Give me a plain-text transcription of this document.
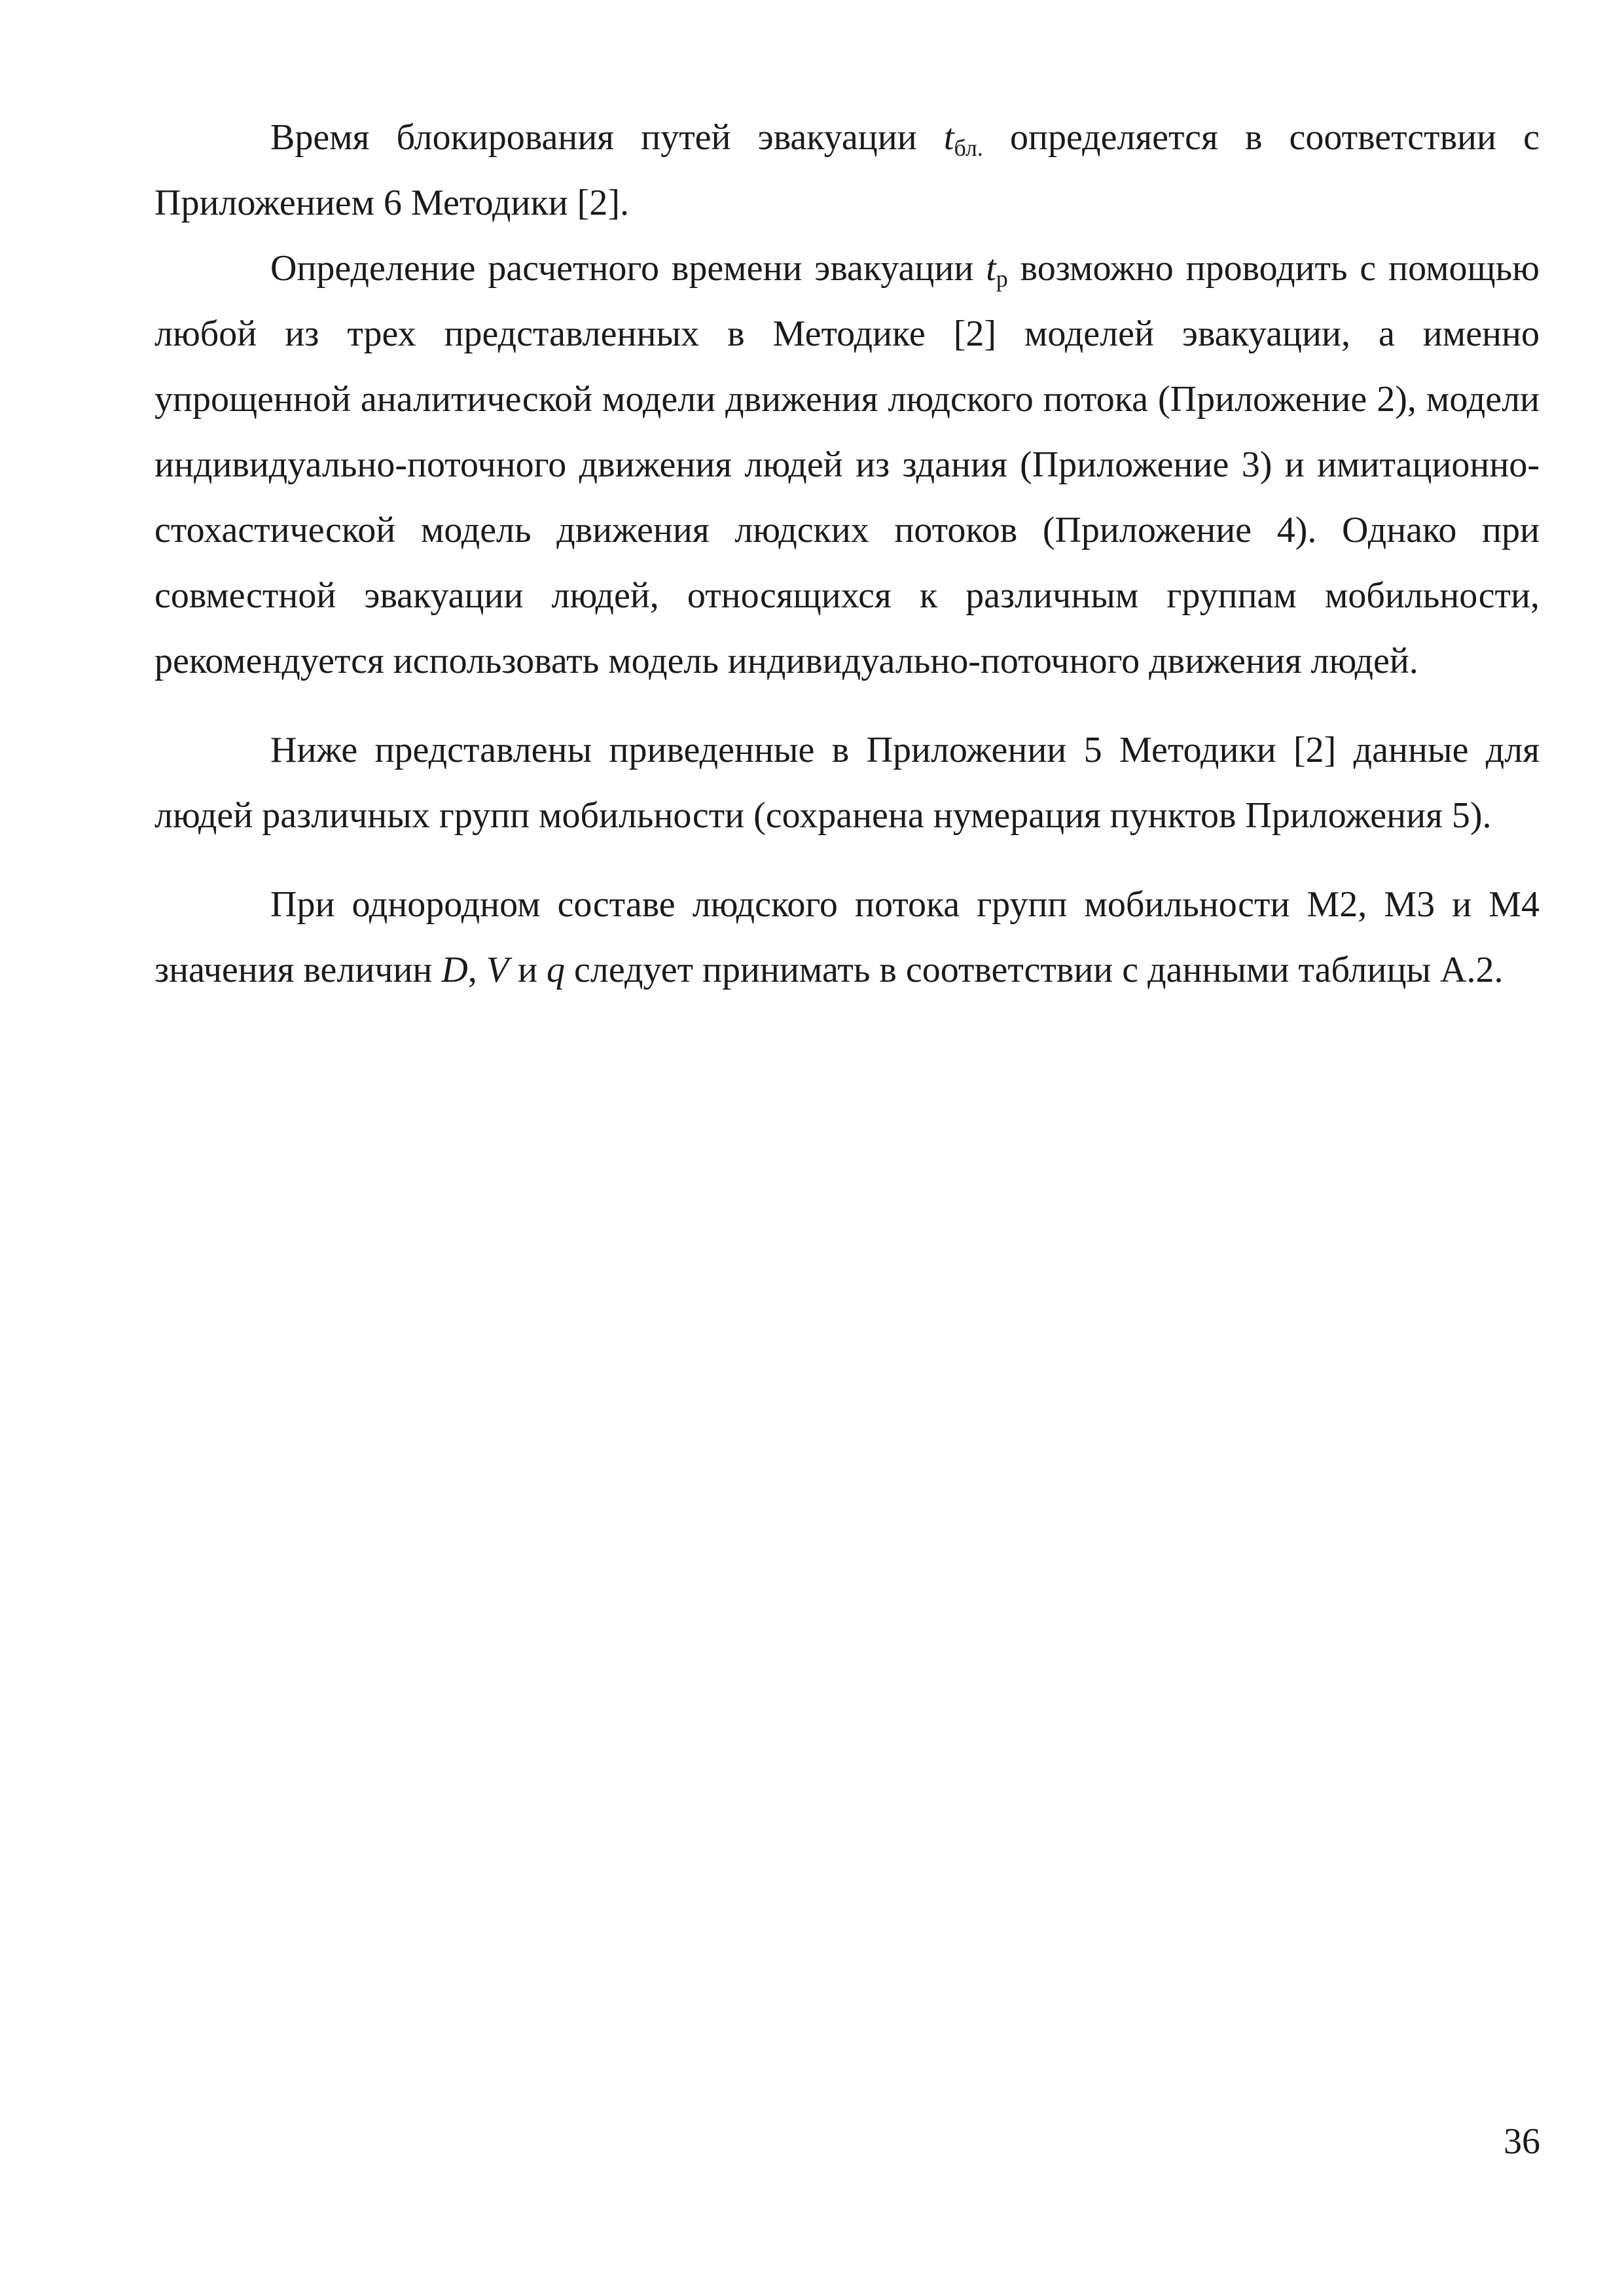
Время блокирования путей эвакуации $t_{бл.}$ определяется в соответствии с Приложением 6 Методики [2].

Определение расчетного времени эвакуации $t_р$ возможно проводить с помощью любой из трех представленных в Методике [2] моделей эвакуации, а именно упрощенной аналитической модели движения людского потока (Приложение 2), модели индивидуально-поточного движения людей из здания (Приложение 3) и имитационно-стохастической модель движения людских потоков (Приложение 4). Однако при совместной эвакуации людей, относящихся к различным группам мобильности, рекомендуется использовать модель индивидуально-поточного движения людей.

Ниже представлены приведенные в Приложении 5 Методики [2] данные для людей различных групп мобильности (сохранена нумерация пунктов Приложения 5).

При однородном составе людского потока групп мобильности М2, М3 и М4 значения величин D, V и q следует принимать в соответствии с данными таблицы А.2.

36
